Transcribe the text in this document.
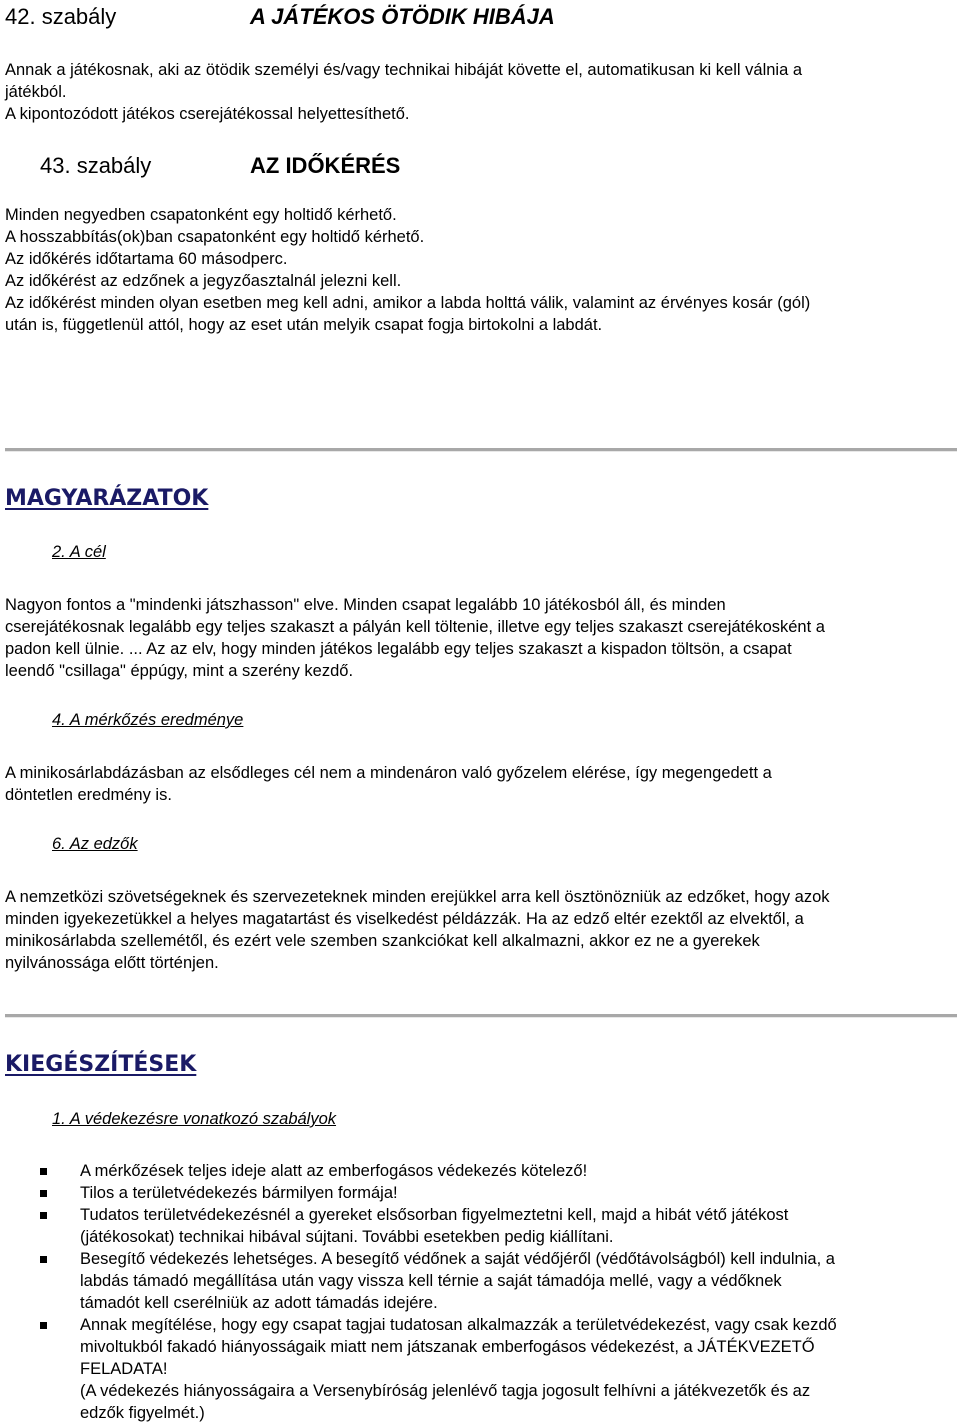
42. szabály	A JÁTÉKOS ÖTÖDIK HIBÁJA
Annak a játékosnak, aki az ötödik személyi és/vagy technikai hibáját követte el, automatikusan ki kell válnia a
játékból.
A kipontozódott játékos cserejátékossal helyettesíthető.
43. szabály	AZ IDŐKÉRÉS
Minden negyedben csapatonként egy holtidő kérhető.
A hosszabbítás(ok)ban csapatonként egy holtidő kérhető.
Az időkérés időtartama 60 másodperc.
Az időkérést az edzőnek a jegyzőasztalnál jelezni kell.
Az időkérést minden olyan esetben meg kell adni, amikor a labda holttá válik, valamint az érvényes kosár (gól)
után is, függetlenül attól, hogy az eset után melyik csapat fogja birtokolni a labdát.
MAGYARÁZATOK
2. A cél
Nagyon fontos a "mindenki játszhasson" elve. Minden csapat legalább 10 játékosból áll, és minden
cserejátékosnak legalább egy teljes szakaszt a pályán kell töltenie, illetve egy teljes szakaszt cserejátékosként a
padon kell ülnie. ... Az az elv, hogy minden játékos legalább egy teljes szakaszt a kispadon töltsön, a csapat
leendő "csillaga" éppúgy, mint a szerény kezdő.
4. A mérkőzés eredménye
A minikosárlabdázásban az elsődleges cél nem a mindenáron való győzelem elérése, így megengedett a
döntetlen eredmény is.
6. Az edzők
A nemzetközi szövetségeknek és szervezeteknek minden erejükkel arra kell ösztönözniük az edzőket, hogy azok
minden igyekezetükkel a helyes magatartást és viselkedést példázzák. Ha az edző eltér ezektől az elvektől, a
minikosárlabda szellemétől, és ezért vele szemben szankciókat kell alkalmazni, akkor ez ne a gyerekek
nyilvánossága előtt történjen.
KIEGÉSZÍTÉSEK
1. A védekezésre vonatkozó szabályok
A mérkőzések teljes ideje alatt az emberfogásos védekezés kötelező!
Tilos a területvédekezés bármilyen formája!
Tudatos területvédekezésnél a gyereket elsősorban figyelmeztetni kell, majd a hibát vétő játékost
(játékosokat) technikai hibával sújtani. További esetekben pedig kiállítani.
Besegítő védekezés lehetséges. A besegítő védőnek a saját védőjéről (védőtávolságból) kell indulnia, a
labdás támadó megállítása után vagy vissza kell térnie a saját támadója mellé, vagy a védőknek
támadót kell cserélniük az adott támadás idejére.
Annak megítélése, hogy egy csapat tagjai tudatosan alkalmazzák a területvédekezést, vagy csak kezdő
mivoltukból fakadó hiányosságaik miatt nem játszanak emberfogásos védekezést, a JÁTÉKVEZETŐ
FELADATA!
(A védekezés hiányosságaira a Versenybíróság jelenlévő tagja jogosult felhívni a játékvezetők és az
edzők figyelmét.)
